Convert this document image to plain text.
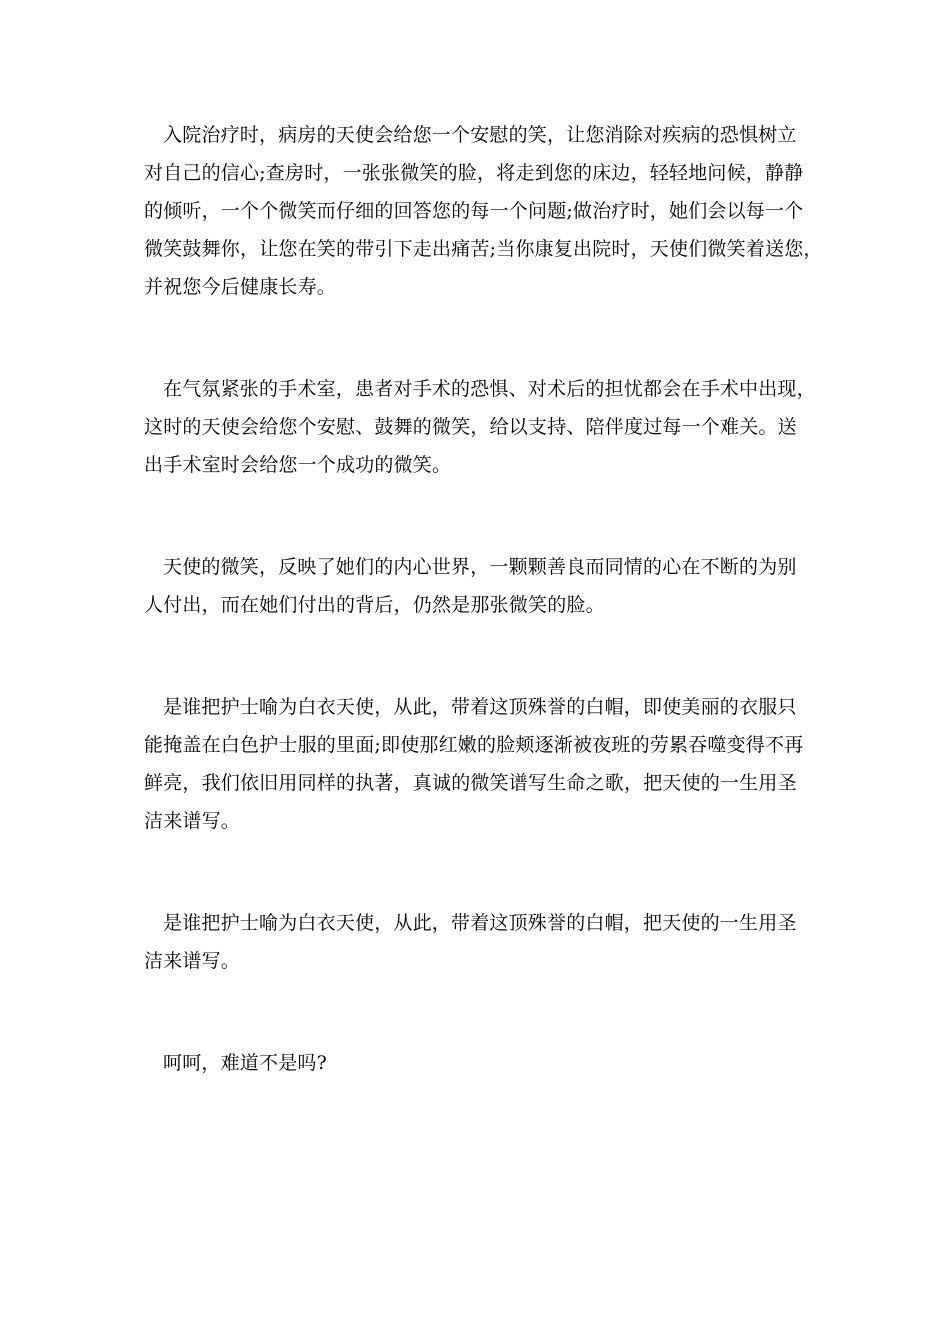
入院治疗时，病房的天使会给您一个安慰的笑，让您消除对疾病的恐惧树立

对自己的信心;查房时，一张张微笑的脸，将走到您的床边，轻轻地问候，静静

的倾听，一个个微笑而仔细的回答您的每一个问题;做治疗时，她们会以每一个

微笑鼓舞你，让您在笑的带引下走出痛苦;当你康复出院时，天使们微笑着送您，

并祝您今后健康长寿。

在气氛紧张的手术室，患者对手术的恐惧、对术后的担忧都会在手术中出现，

这时的天使会给您个安慰、鼓舞的微笑，给以支持、陪伴度过每一个难关。送

出手术室时会给您一个成功的微笑。

天使的微笑，反映了她们的内心世界，一颗颗善良而同情的心在不断的为别

人付出，而在她们付出的背后，仍然是那张微笑的脸。

是谁把护士喻为白衣天使，从此，带着这顶殊誉的白帽，即使美丽的衣服只

能掩盖在白色护士服的里面;即使那红嫩的脸颊逐渐被夜班的劳累吞噬变得不再

鲜亮，我们依旧用同样的执著，真诚的微笑谱写生命之歌，把天使的一生用圣

洁来谱写。

是谁把护士喻为白衣天使，从此，带着这顶殊誉的白帽，把天使的一生用圣

洁来谱写。

呵呵，难道不是吗?
